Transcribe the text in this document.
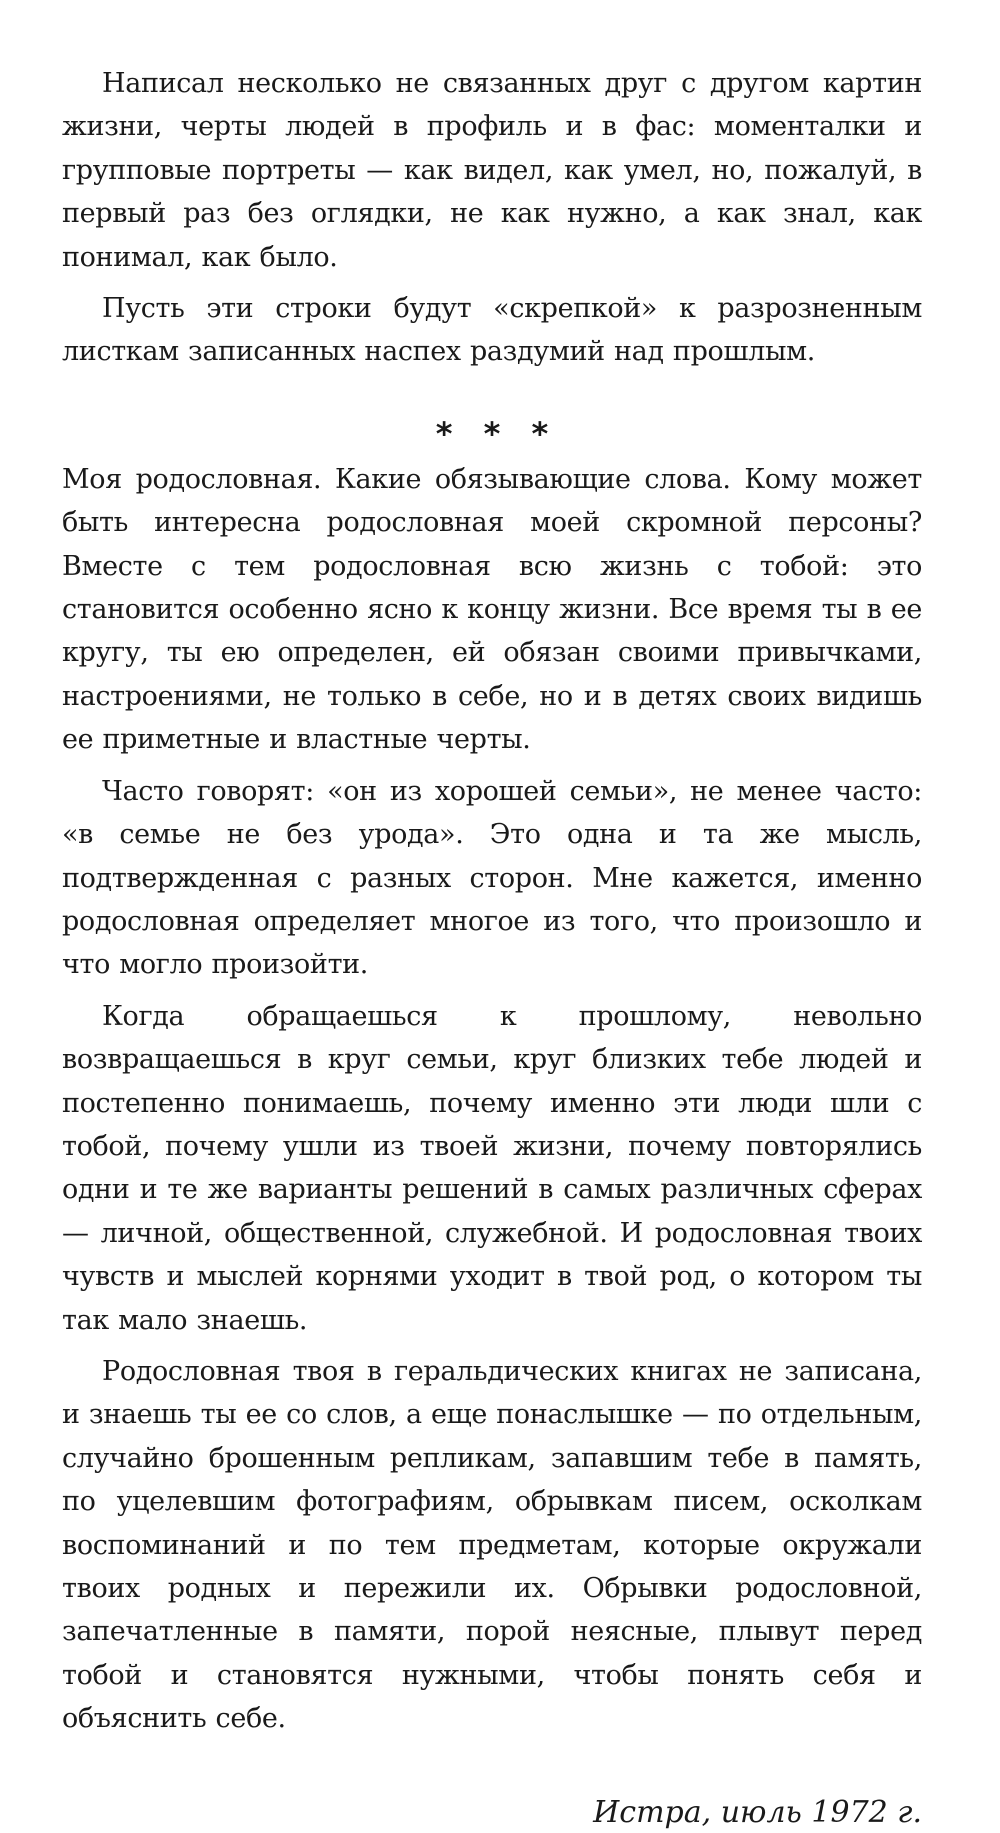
Написал несколько не связанных друг с другом картин жизни, черты людей в профиль и в фас: моменталки и групповые портреты — как видел, как умел, но, пожалуй, в первый раз без оглядки, не как нужно, а как знал, как понимал, как было.

Пусть эти строки будут «скрепкой» к разрозненным листкам записанных наспех раздумий над прошлым.

* * *

Моя родословная. Какие обязывающие слова. Кому может быть интересна родословная моей скромной персоны? Вместе с тем родословная всю жизнь с тобой: это становится особенно ясно к концу жизни. Все время ты в ее кругу, ты ею определен, ей обязан своими привычками, настроениями, не только в себе, но и в детях своих видишь ее приметные и властные черты.

Часто говорят: «он из хорошей семьи», не менее часто: «в семье не без урода». Это одна и та же мысль, подтвержденная с разных сторон. Мне кажется, именно родословная определяет многое из того, что произошло и что могло произойти.

Когда обращаешься к прошлому, невольно возвращаешься в круг семьи, круг близких тебе людей и постепенно понимаешь, почему именно эти люди шли с тобой, почему ушли из твоей жизни, почему повторялись одни и те же варианты решений в самых различных сферах — личной, общественной, служебной. И родословная твоих чувств и мыслей корнями уходит в твой род, о котором ты так мало знаешь.

Родословная твоя в геральдических книгах не записана, и знаешь ты ее со слов, а еще понаслышке — по отдельным, случайно брошенным репликам, запавшим тебе в память, по уцелевшим фотографиям, обрывкам писем, осколкам воспоминаний и по тем предметам, которые окружали твоих родных и пережили их. Обрывки родословной, запечатленные в памяти, порой неясные, плывут перед тобой и становятся нужными, чтобы понять себя и объяснить себе.

Истра, июль 1972 г.
